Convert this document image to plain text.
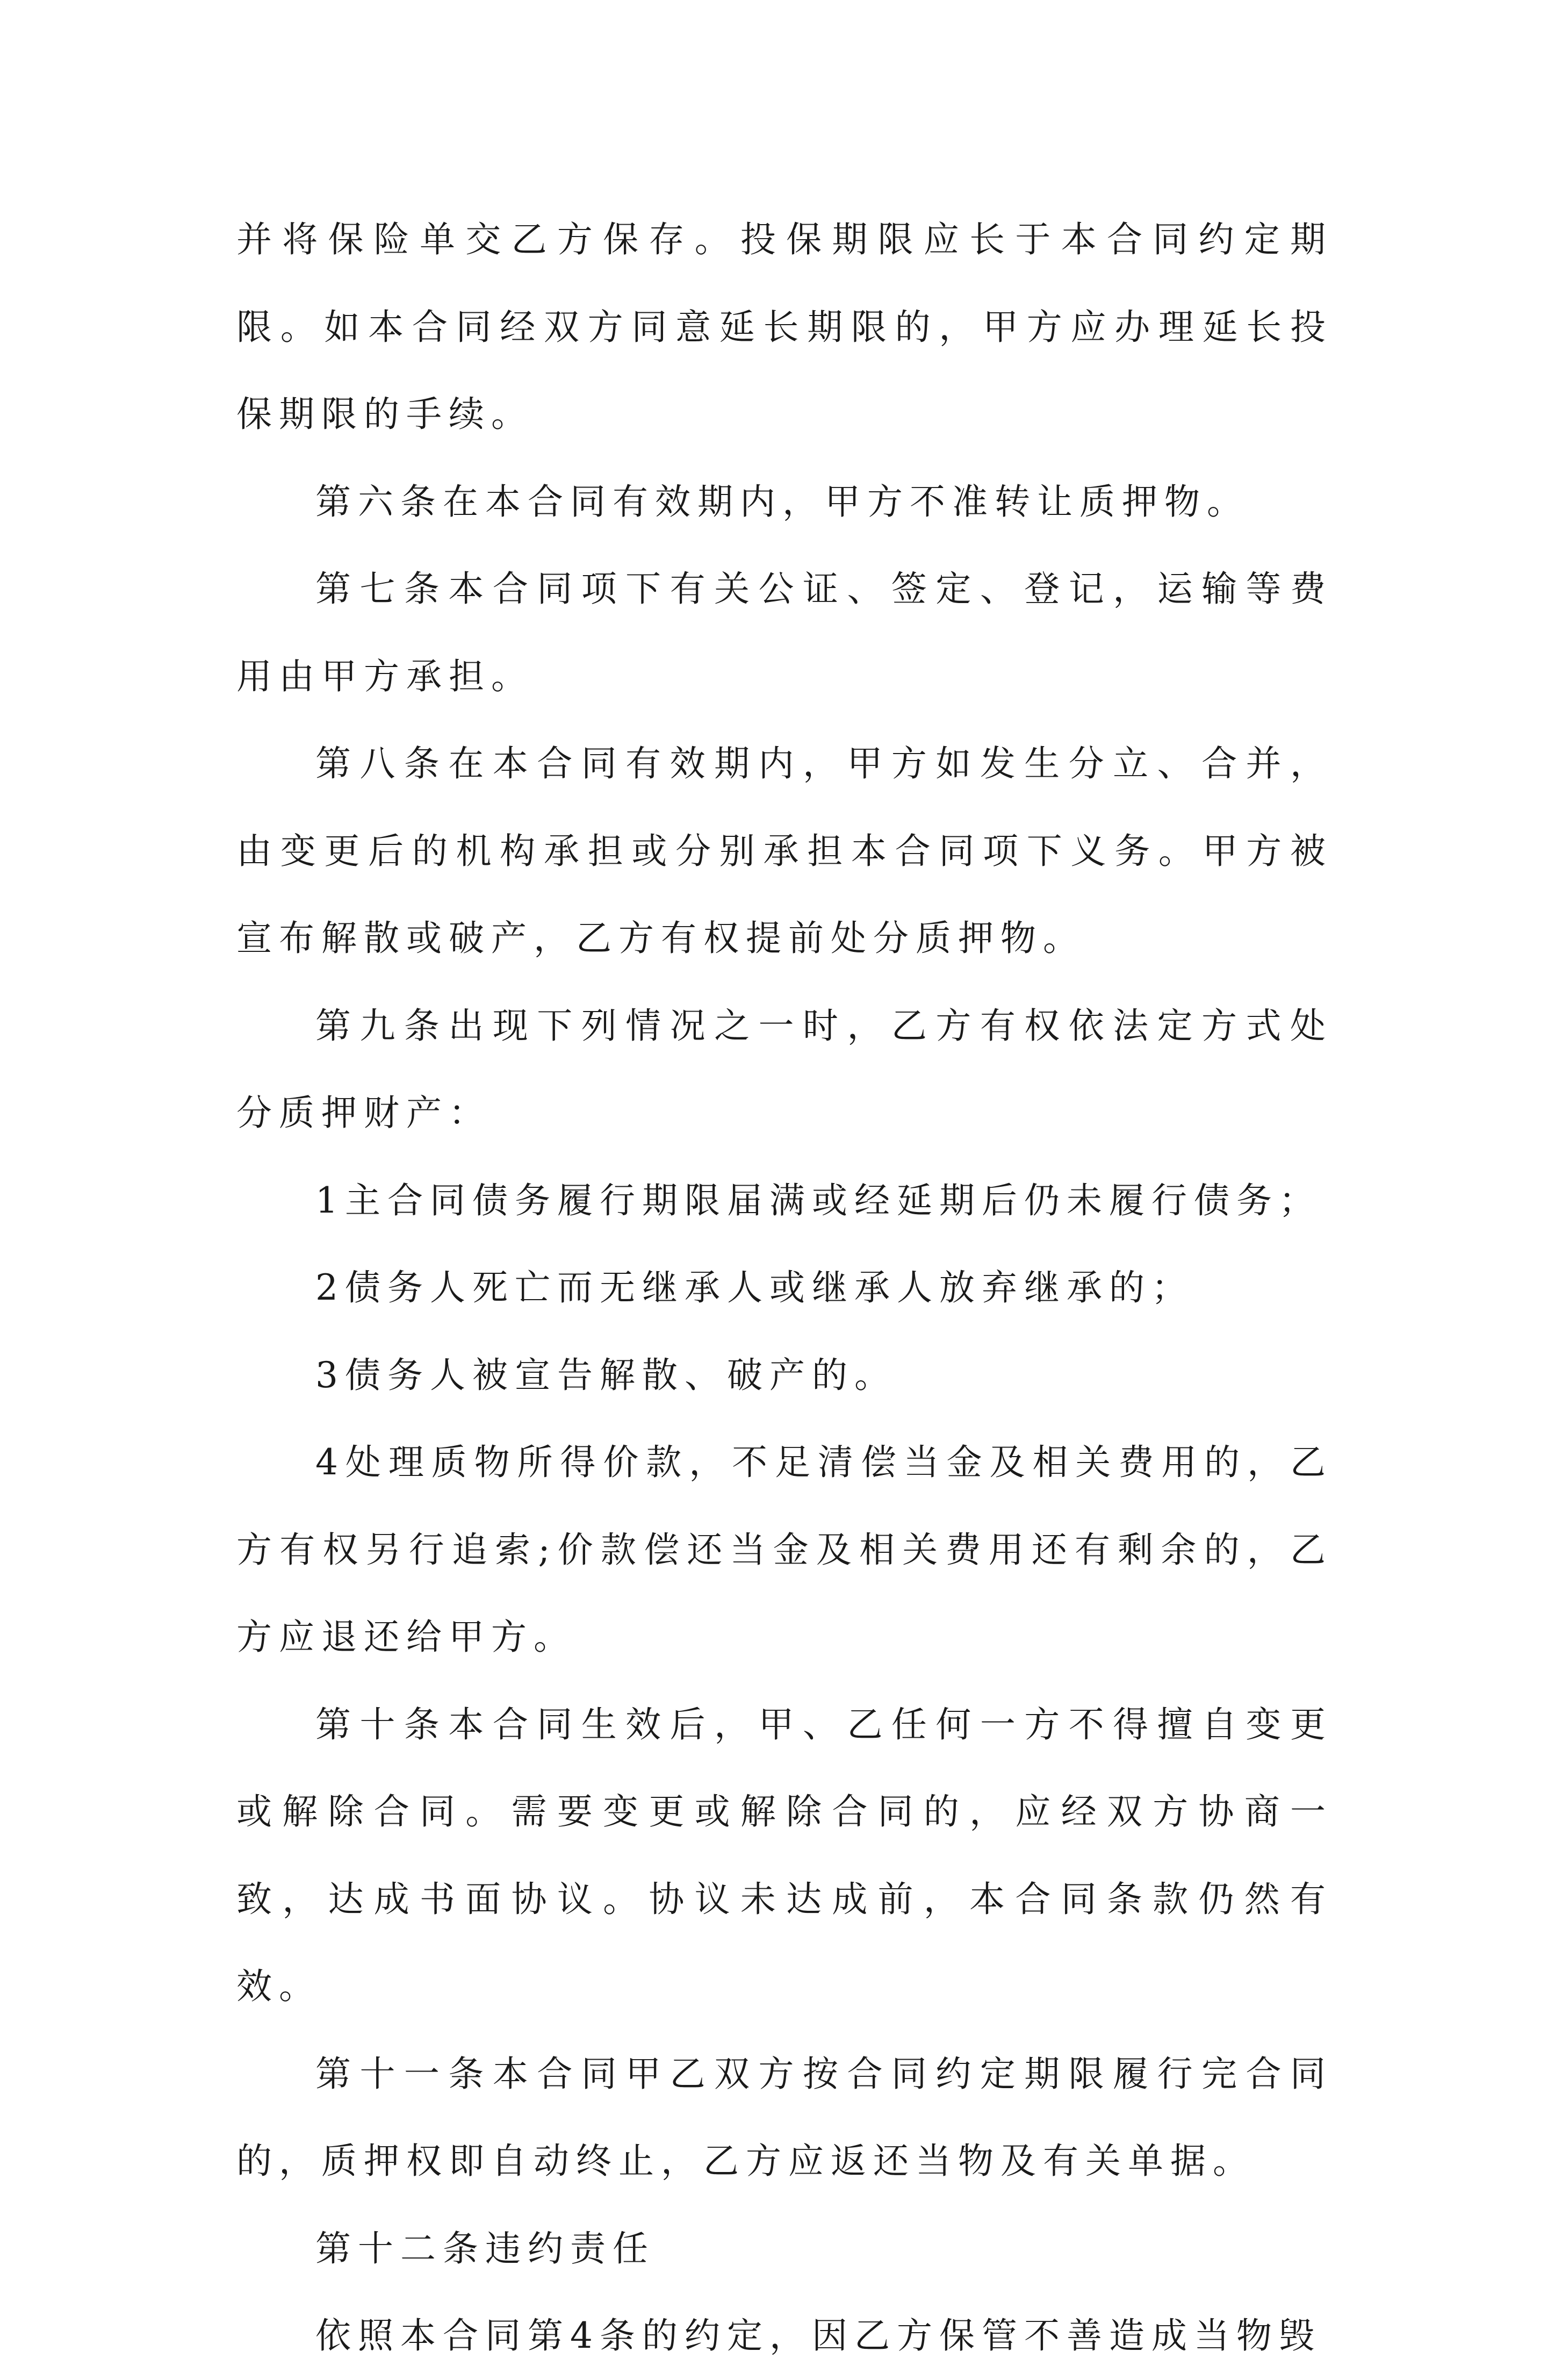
并将保险单交乙方保存。投保期限应长于本合同约定期限。如本合同经双方同意延长期限的，甲方应办理延长投保期限的手续。

第六条在本合同有效期内，甲方不准转让质押物。

第七条本合同项下有关公证、签定、登记，运输等费用由甲方承担。

第八条在本合同有效期内，甲方如发生分立、合并，由变更后的机构承担或分别承担本合同项下义务。甲方被宣布解散或破产，乙方有权提前处分质押物。

第九条出现下列情况之一时，乙方有权依法定方式处分质押财产：

1主合同债务履行期限届满或经延期后仍未履行债务；

2债务人死亡而无继承人或继承人放弃继承的；

3债务人被宣告解散、破产的。

4处理质物所得价款，不足清偿当金及相关费用的，乙方有权另行追索;价款偿还当金及相关费用还有剩余的，乙方应退还给甲方。

第十条本合同生效后，甲、乙任何一方不得擅自变更或解除合同。需要变更或解除合同的，应经双方协商一致，达成书面协议。协议未达成前，本合同条款仍然有效。

第十一条本合同甲乙双方按合同约定期限履行完合同的，质押权即自动终止，乙方应返还当物及有关单据。

第十二条违约责任

依照本合同第4条的约定，因乙方保管不善造成当物毁
